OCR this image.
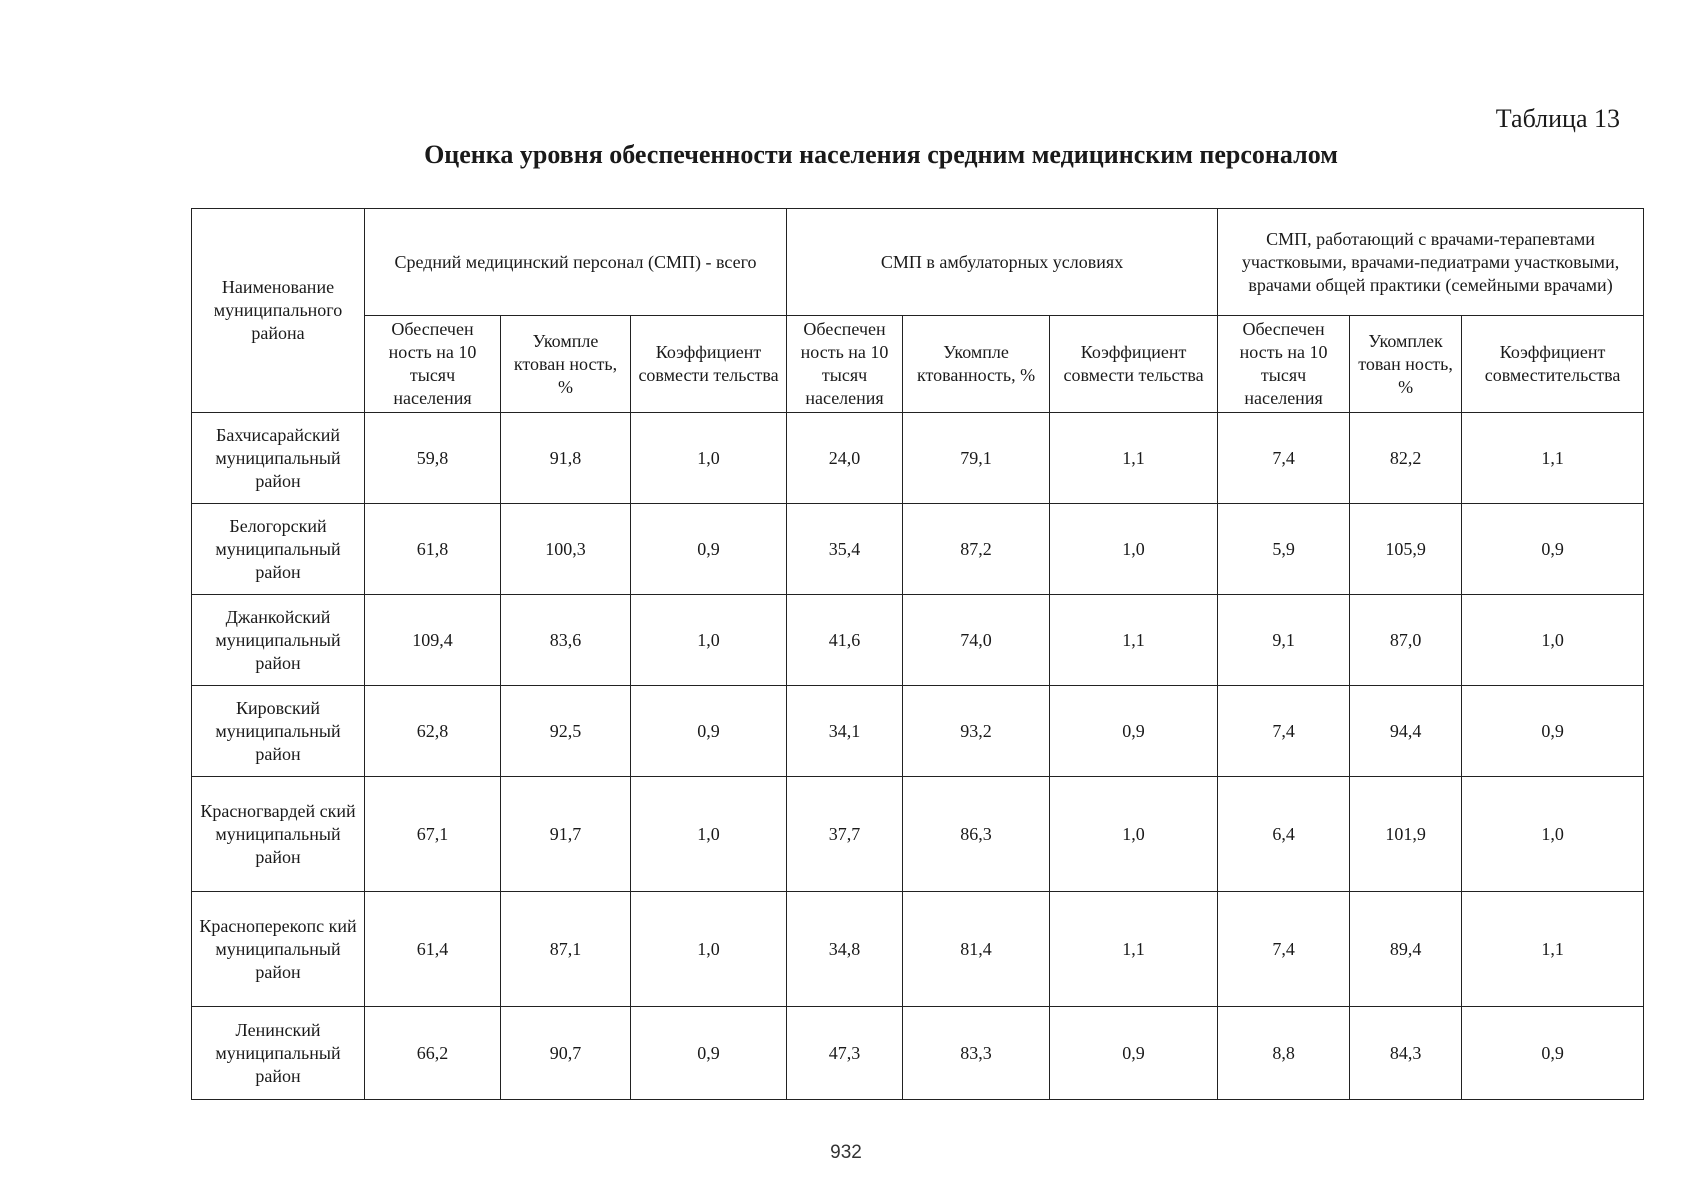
Таблица 13
Оценка уровня обеспеченности населения средним медицинским персоналом
Наименование муниципального района	Средний медицинский персонал (СМП) - всего			СМП в амбулаторных условиях			СМП, работающий с врачами-терапевтами участковыми, врачами-педиатрами участковыми, врачами общей практики (семейными врачами)		
	Обеспечен ность на 10 тысяч населения	Укомпле ктован ность, %	Коэффициент совмести тельства	Обеспечен ность на 10 тысяч населения	Укомпле ктованность, %	Коэффициент совмести тельства	Обеспечен ность на 10 тысяч населения	Укомплек тован ность, %	Коэффициент совместительства
Бахчисарайский муниципальный район	59,8	91,8	1,0	24,0	79,1	1,1	7,4	82,2	1,1
Белогорский муниципальный район	61,8	100,3	0,9	35,4	87,2	1,0	5,9	105,9	0,9
Джанкойский муниципальный район	109,4	83,6	1,0	41,6	74,0	1,1	9,1	87,0	1,0
Кировский муниципальный район	62,8	92,5	0,9	34,1	93,2	0,9	7,4	94,4	0,9
Красногвардей ский муниципальный район	67,1	91,7	1,0	37,7	86,3	1,0	6,4	101,9	1,0
Красноперекопс кий муниципальный район	61,4	87,1	1,0	34,8	81,4	1,1	7,4	89,4	1,1
Ленинский муниципальный район	66,2	90,7	0,9	47,3	83,3	0,9	8,8	84,3	0,9
932
